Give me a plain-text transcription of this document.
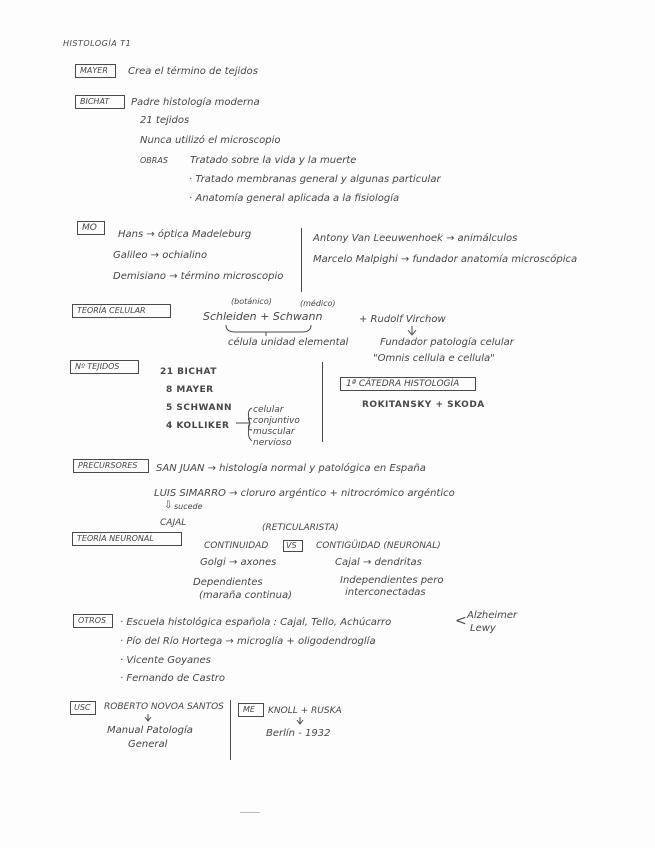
HISTOLOGÍA T1
MAYER Crea el término de tejidos
BICHAT Padre histología moderna
21 tejidos
Nunca utilizó el microscopio
OBRAS Tratado sobre la vida y la muerte
· Tratado membranas general y algunas particular
· Anatomía general aplicada a la fisiología
MO
Hans → óptica Madeleburg
Galileo → ochialino
Demisiano → término microscopio
Antony Van Leeuwenhoek → animálculos
Marcelo Malpighi → fundador anatomía microscópica
TEORÍA CELULAR
(botánico)	(médico)
Schleiden + Schwann	+ Rudolf Virchow
célula unidad elemental	Fundador patología celular
"Omnis cellula e cellula"
Nº TEJIDOS
21 BICHAT
8 MAYER
5 SCHWANN
4 KOLLIKER
celular
conjuntivo
muscular
nervioso
1ª CÁTEDRA HISTOLOGÍA
ROKITANSKY + SKODA
PRECURSORES SAN JUAN → histología normal y patológica en España
LUIS SIMARRO → cloruro argéntico + nitrocrómico argéntico
sucede
⇩
CAJAL
TEORÍA NEURONAL
(RETICULARISTA)
CONTINUIDAD VS CONTIGÜIDAD (NEURONAL)
Golgi → axones	Cajal → dendritas
Dependientes
(maraña continua)
Independientes pero
interconectadas
OTROS · Escuela histológica española : Cajal, Tello, Achúcarro	< Alzheimer
Lewy
· Pío del Río Hortega → microglía + oligodendroglía
· Vicente Goyanes
· Fernando de Castro
USC ROBERTO NOVOA SANTOS
Manual Patología
General
ME KNOLL + RUSKA
Berlín - 1932
